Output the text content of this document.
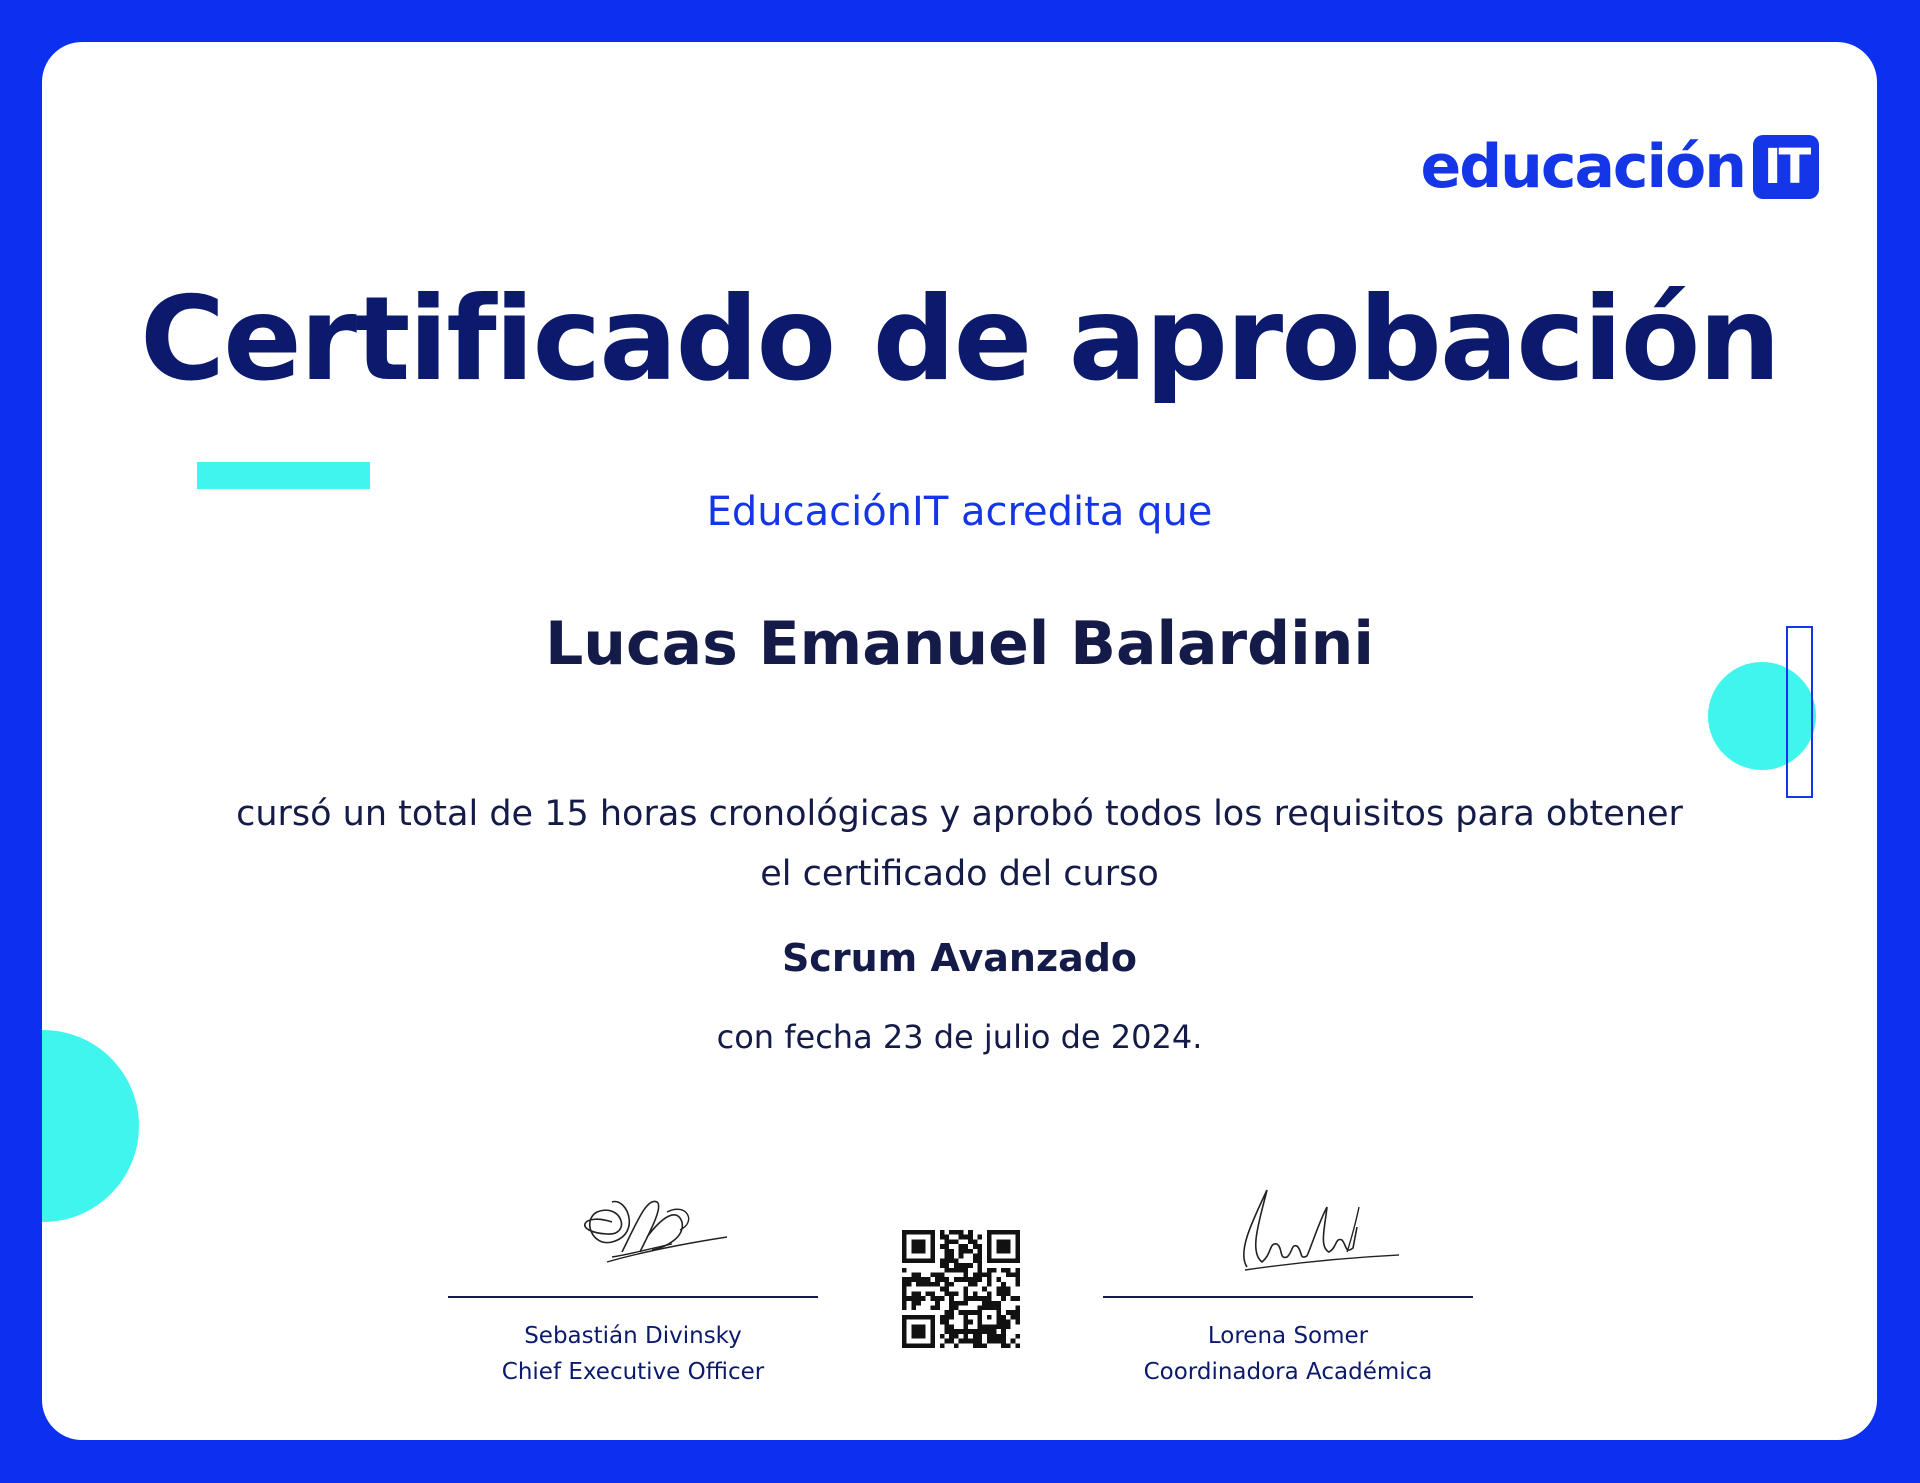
educación IT
Certificado de aprobación
EducaciónIT acredita que
Lucas Emanuel Balardini
cursó un total de 15 horas cronológicas y aprobó todos los requisitos para obtener
el certificado del curso
Scrum Avanzado
con fecha 23 de julio de 2024.
Sebastián Divinsky
Chief Executive Officer
Lorena Somer
Coordinadora Académica
